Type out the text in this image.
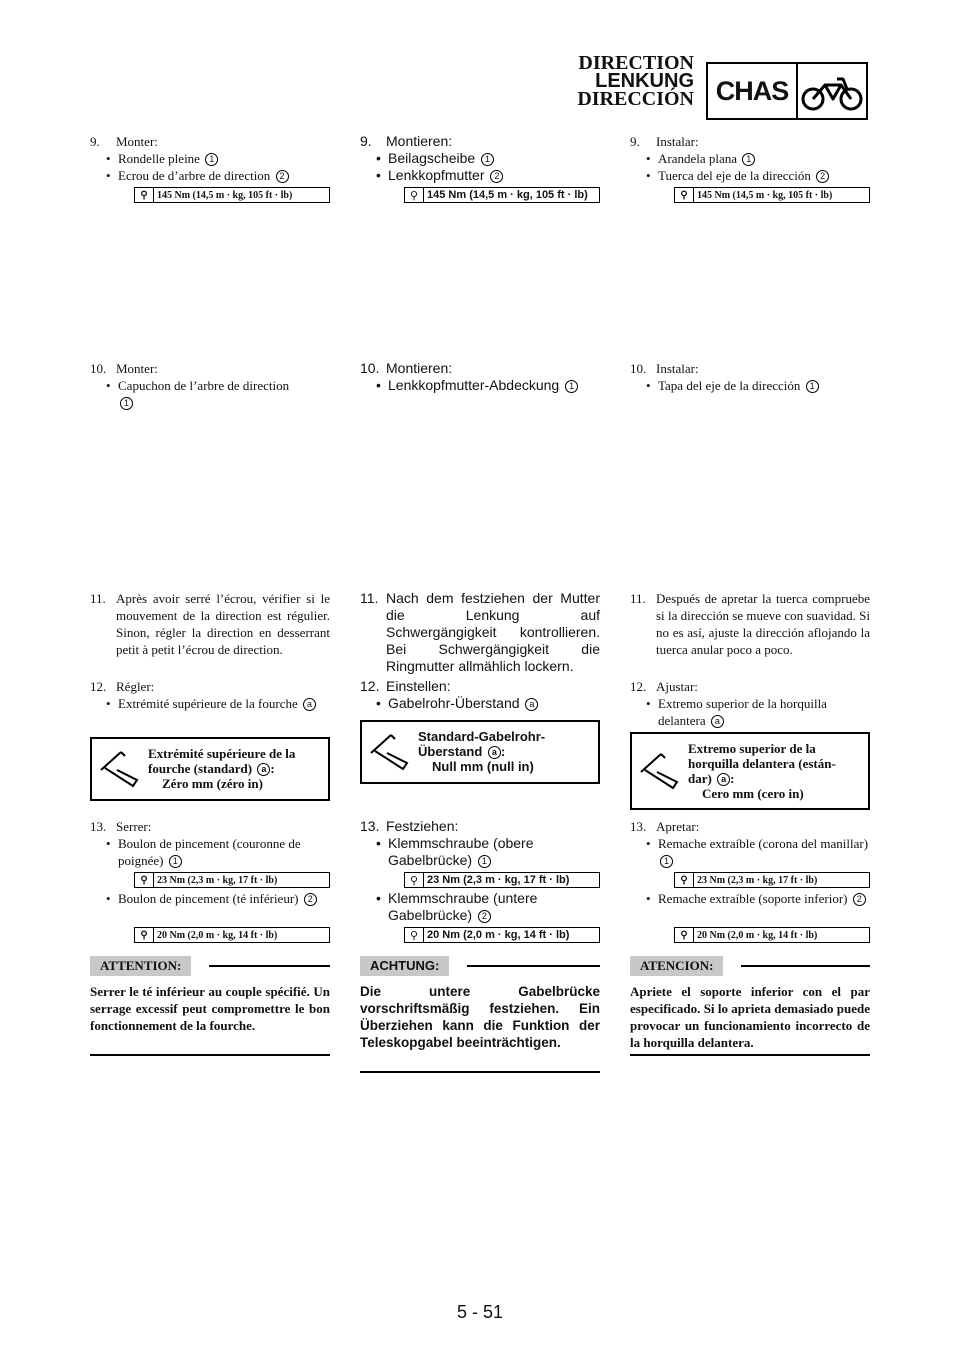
DIRECTION
LENKUNG
DIRECCIÓN CHAS
9. Monter:
• Rondelle pleine 1
• Ecrou de d’arbre de direction 2
⚲ 145 Nm (14,5 m · kg, 105 ft · lb)
10. Monter:
• Capuchon de l’arbre de direction
1
11. Après avoir serré l’écrou, vérifier si le mouvement de la direction est régulier. Sinon, régler la direction en desserrant petit à petit l’écrou de direction.
12. Régler:
• Extrémité supérieure de la fourche a
Extrémité supérieure de la
fourche (standard) a :
Zéro mm (zéro in)
13. Serrer:
• Boulon de pincement (couronne de poignée) 1
⚲ 23 Nm (2,3 m · kg, 17 ft · lb)
• Boulon de pincement (té inférieur) 2
⚲ 20 Nm (2,0 m · kg, 14 ft · lb)
ATTENTION:
Serrer le té inférieur au couple spécifié. Un serrage excessif peut compromettre le bon fonctionnement de la fourche.
9. Montieren:
• Beilagscheibe 1
• Lenkkopfmutter 2
⚲ 145 Nm (14,5 m · kg, 105 ft · lb)
10. Montieren:
• Lenkkopfmutter-Abdeckung 1
11. Nach dem festziehen der Mutter die Lenkung auf Schwergängigkeit kontrollieren. Bei Schwergängigkeit die Ringmutter allmählich lockern.
12. Einstellen:
• Gabelrohr-Überstand a
Standard-Gabelrohr-
Überstand a :
Null mm (null in)
13. Festziehen:
• Klemmschraube (obere Gabelbrücke) 1
⚲ 23 Nm (2,3 m · kg, 17 ft · lb)
• Klemmschraube (untere Gabelbrücke) 2
⚲ 20 Nm (2,0 m · kg, 14 ft · lb)
ACHTUNG:
Die untere Gabelbrücke vorschriftsmäßig festziehen. Ein Überziehen kann die Funktion der Teleskopgabel beeinträchtigen.
9. Instalar:
• Arandela plana 1
• Tuerca del eje de la dirección 2
⚲ 145 Nm (14,5 m · kg, 105 ft · lb)
10. Instalar:
• Tapa del eje de la dirección 1
11. Después de apretar la tuerca compruebe si la dirección se mueve con suavidad. Si no es así, ajuste la dirección aflojando la tuerca anular poco a poco.
12. Ajustar:
• Extremo superior de la horquilla delantera a
Extremo superior de la
horquilla delantera (están-
dar) a :
Cero mm (cero in)
13. Apretar:
• Remache extraíble (corona del manillar) 1
⚲ 23 Nm (2,3 m · kg, 17 ft · lb)
• Remache extraíble (soporte inferior) 2
⚲ 20 Nm (2,0 m · kg, 14 ft · lb)
ATENCION:
Apriete el soporte inferior con el par especificado. Si lo aprieta demasiado puede provocar un funcionamiento incorrecto de la horquilla delantera.
5 - 51
